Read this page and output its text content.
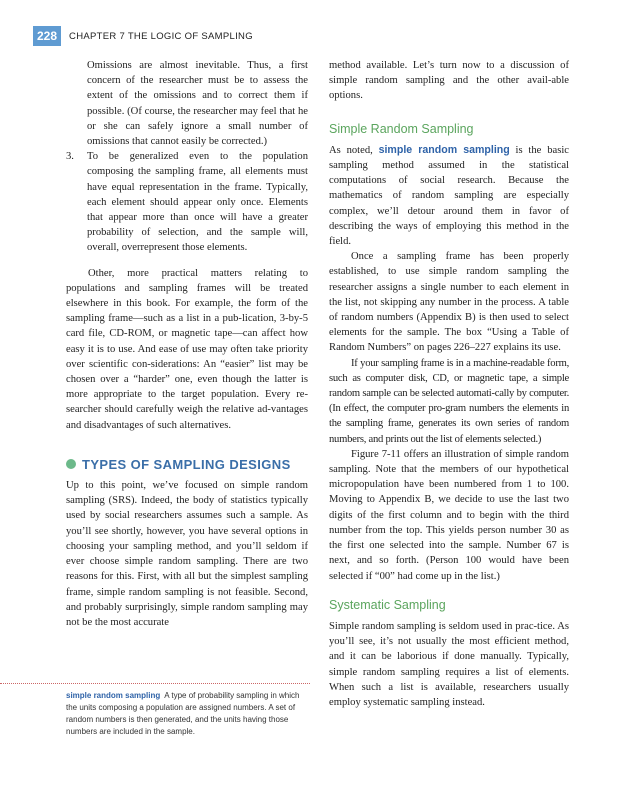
228	CHAPTER 7 THE LOGIC OF SAMPLING

Omissions are almost inevitable. Thus, a first concern of the researcher must be to assess the extent of the omissions and to correct them if possible. (Of course, the researcher may feel that he or she can safely ignore a small number of omissions that cannot easily be corrected.)

3. To be generalized even to the population composing the sampling frame, all elements must have equal representation in the frame. Typically, each element should appear only once. Elements that appear more than once will have a greater probability of selection, and the sample will, overall, overrepresent those elements.

Other, more practical matters relating to populations and sampling frames will be treated elsewhere in this book. For example, the form of the sampling frame—such as a list in a pub-lication, 3-by-5 card file, CD-ROM, or magnetic tape—can affect how easy it is to use. And ease of use may often take priority over scientific con-siderations: An “easier” list may be chosen over a “harder” one, even though the latter is more appropriate to the target population. Every re-searcher should carefully weigh the relative ad-vantages and disadvantages of such alternatives.

TYPES OF SAMPLING DESIGNS

Up to this point, we’ve focused on simple random sampling (SRS). Indeed, the body of statistics typically used by social researchers assumes such a sample. As you’ll see shortly, however, you have several options in choosing your sampling method, and you’ll seldom if ever choose simple random sampling. There are two reasons for this. First, with all but the simplest sampling frame, simple random sampling is not feasible. Second, and probably surprisingly, simple random sampling may not be the most accurate

simple random sampling A type of probability sampling in which the units composing a population are assigned numbers. A set of random numbers is then generated, and the units having those numbers are included in the sample.

method available. Let’s turn now to a discussion of simple random sampling and the other avail-able options.

Simple Random Sampling

As noted, simple random sampling is the basic sampling method assumed in the statistical computations of social research. Because the mathematics of random sampling are especially complex, we’ll detour around them in favor of describing the ways of employing this method in the field.

Once a sampling frame has been properly established, to use simple random sampling the researcher assigns a single number to each element in the list, not skipping any number in the process. A table of random numbers (Appendix B) is then used to select elements for the sample. The box “Using a Table of Random Numbers” on pages 226–227 explains its use.

If your sampling frame is in a machine-readable form, such as computer disk, CD, or magnetic tape, a simple random sample can be selected automati-cally by computer. (In effect, the computer pro-gram numbers the elements in the sampling frame, generates its own series of random numbers, and prints out the list of elements selected.)

Figure 7-11 offers an illustration of simple random sampling. Note that the members of our hypothetical micropopulation have been numbered from 1 to 100. Moving to Appendix B, we decide to use the last two digits of the first column and to begin with the third number from the top. This yields person number 30 as the first one selected into the sample. Number 67 is next, and so forth. (Person 100 would have been selected if “00” had come up in the list.)

Systematic Sampling

Simple random sampling is seldom used in prac-tice. As you’ll see, it’s not usually the most efficient method, and it can be laborious if done manually. Typically, simple random sampling requires a list of elements. When such a list is available, researchers usually employ systematic sampling instead.
